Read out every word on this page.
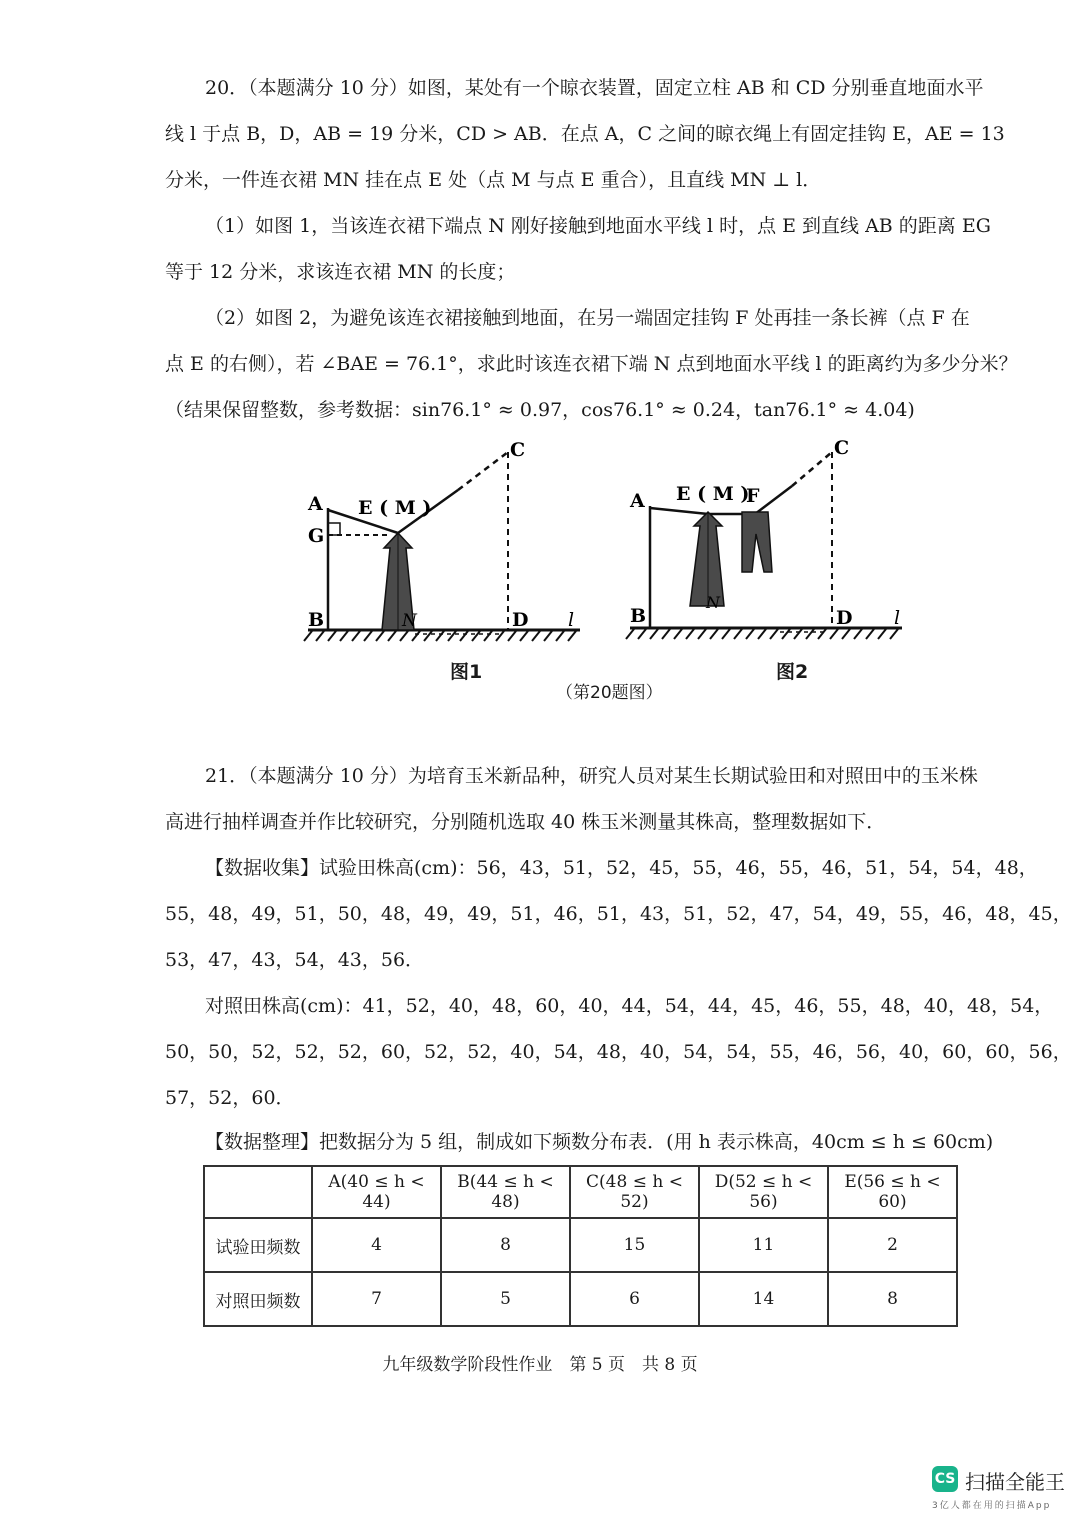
20．（本题满分 10 分）如图，某处有一个晾衣装置，固定立柱 AB 和 CD 分别垂直地面水平
线 l 于点 B，D，AB = 19 分米，CD > AB．在点 A，C 之间的晾衣绳上有固定挂钩 E，AE = 13
分米，一件连衣裙 MN 挂在点 E 处（点 M 与点 E 重合），且直线 MN ⊥ l．
（1）如图 1，当该连衣裙下端点 N 刚好接触到地面水平线 l 时，点 E 到直线 AB 的距离 EG
等于 12 分米，求该连衣裙 MN 的长度；
（2）如图 2，为避免该连衣裙接触到地面，在另一端固定挂钩 F 处再挂一条长裤（点 F 在
点 E 的右侧），若 ∠BAE = 76.1°，求此时该连衣裙下端 N 点到地面水平线 l 的距离约为多少分米？
（结果保留整数，参考数据：sin76.1° ≈ 0.97，cos76.1° ≈ 0.24，tan76.1° ≈ 4.04)
A
G
B
E ( M )
C
D
N	l
A E ( M )
F
B
C
D
N
l
图1	图2
（第20题图）
21．（本题满分 10 分）为培育玉米新品种，研究人员对某生长期试验田和对照田中的玉米株
高进行抽样调查并作比较研究，分别随机选取 40 株玉米测量其株高，整理数据如下．
【数据收集】试验田株高(cm)：56，43，51，52，45，55，46，55，46，51，54，54，48，
55，48，49，51，50，48，49，49，51，46，51，43，51，52，47，54，49，55，46，48，45，
53，47，43，54，43，56．
对照田株高(cm)：41，52，40，48，60，40，44，54，44，45，46，55，48，40，48，54，
50，50，52，52，52，60，52，52，40，54，48，40，54，54，55，46，56，40，60，60，56，
57，52，60．
【数据整理】把数据分为 5 组，制成如下频数分布表．(用 h 表示株高，40cm ≤ h ≤ 60cm)
	A(40 ≤ h < 44)	B(44 ≤ h < 48)	C(48 ≤ h < 52)	D(52 ≤ h < 56)	E(56 ≤ h < 60)
试验田频数	4	8	15	11	2
对照田频数	7	5	6	14	8
九年级数学阶段性作业　第 5 页　共 8 页
CS 扫描全能王
3亿人都在用的扫描App
